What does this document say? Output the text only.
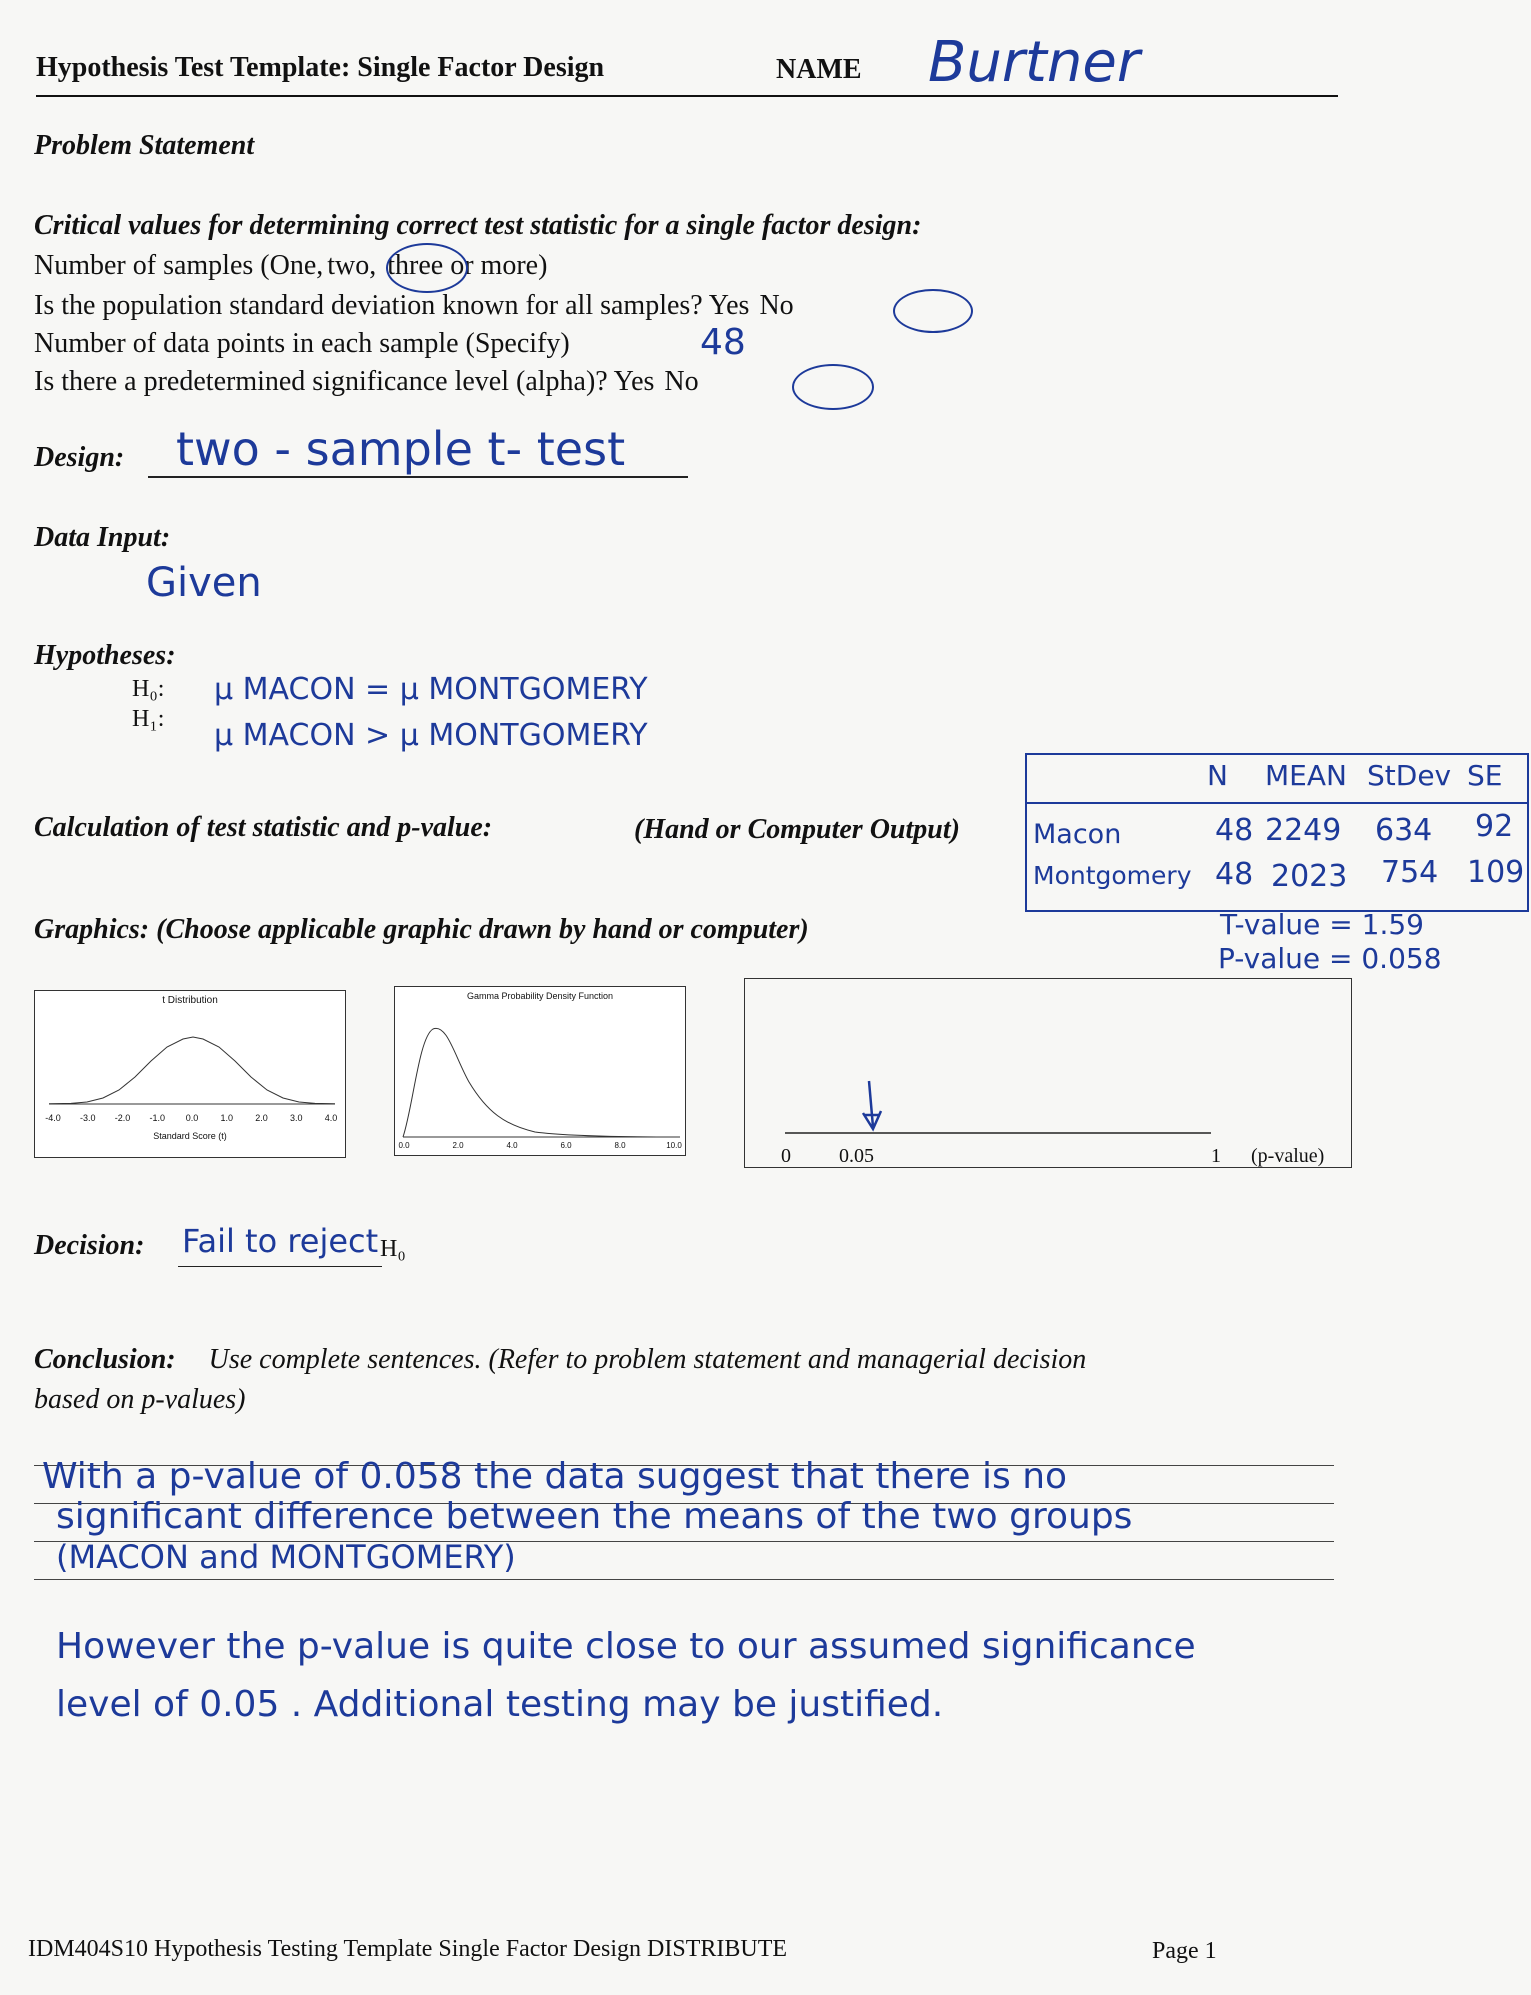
Hypothesis Test Template: Single Factor Design	NAME Burtner
Problem Statement
Critical values for determining correct test statistic for a single factor design:
Number of samples (One, two, three or more)
Is the population standard deviation known for all samples? Yes No
Number of data points in each sample (Specify)	48
Is there a predetermined significance level (alpha)? Yes No
Design: two - sample t- test
Data Input:
Given
Hypotheses:
H₀: μ MACON = μ MONTGOMERY
H₁: μ MACON > μ MONTGOMERY
Calculation of test statistic and p-value:	(Hand or Computer Output)
N MEAN StDev SE
Macon	48 2249 634 92
Montgomery 48 2023 754 109
T-value = 1.59
P-value = 0.058
Graphics: (Choose applicable graphic drawn by hand or computer)
t Distribution
-4.0	-3.0	-2.0	-1.0	0.0	1.0	2.0	3.0	4.0
Standard Score (t)
Gamma Probability Density Function
0.0	2.0	4.0	6.0	8.0	10.0	0 0.05	1 (p-value)
Decision: Fail to reject H₀
Conclusion: Use complete sentences. (Refer to problem statement and managerial decision
based on p-values)
With a p-value of 0.058 the data suggest that there is no
significant difference between the means of the two groups
(MACON and MONTGOMERY)
However the p-value is quite close to our assumed significance
level of 0.05 . Additional testing may be justified.
IDM404S10 Hypothesis Testing Template Single Factor Design DISTRIBUTE	Page 1
